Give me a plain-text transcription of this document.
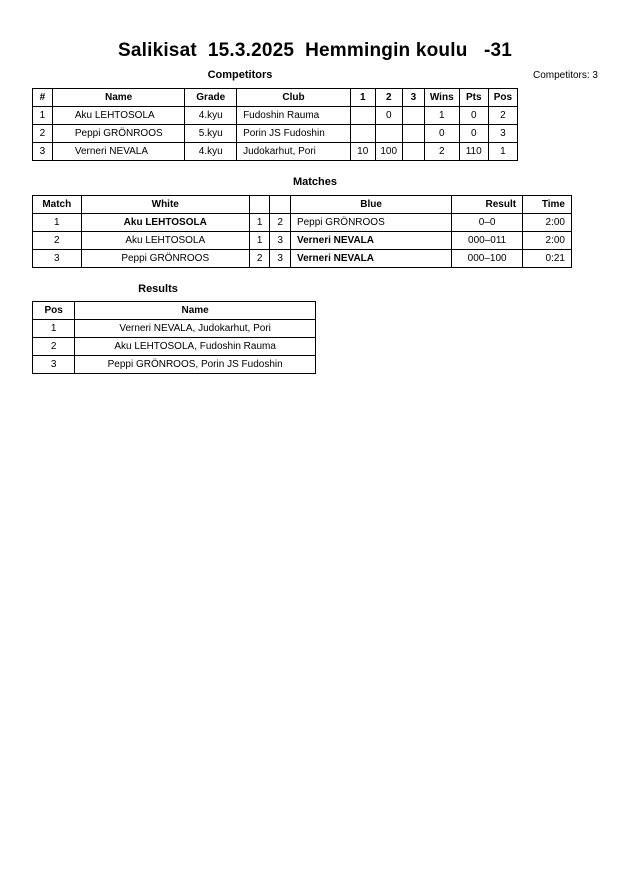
Salikisat  15.3.2025  Hemmingin koulu   -31
Competitors	Competitors: 3
#	Name	Grade	Club	1	2	3	Wins	Pts	Pos
1	Aku LEHTOSOLA	4.kyu	Fudoshin Rauma		0		1	0	2
2	Peppi GRÖNROOS	5.kyu	Porin JS Fudoshin				0	0	3
3	Verneri NEVALA	4.kyu	Judokarhut, Pori	10	100		2	110	1
Matches
Match	White			Blue	Result	Time
1	Aku LEHTOSOLA	1	2	Peppi GRÖNROOS	0–0	2:00
2	Aku LEHTOSOLA	1	3	Verneri NEVALA	000–011	2:00
3	Peppi GRÖNROOS	2	3	Verneri NEVALA	000–100	0:21
Results
Pos	Name
1	Verneri NEVALA, Judokarhut, Pori
2	Aku LEHTOSOLA, Fudoshin Rauma
3	Peppi GRÖNROOS, Porin JS Fudoshin
